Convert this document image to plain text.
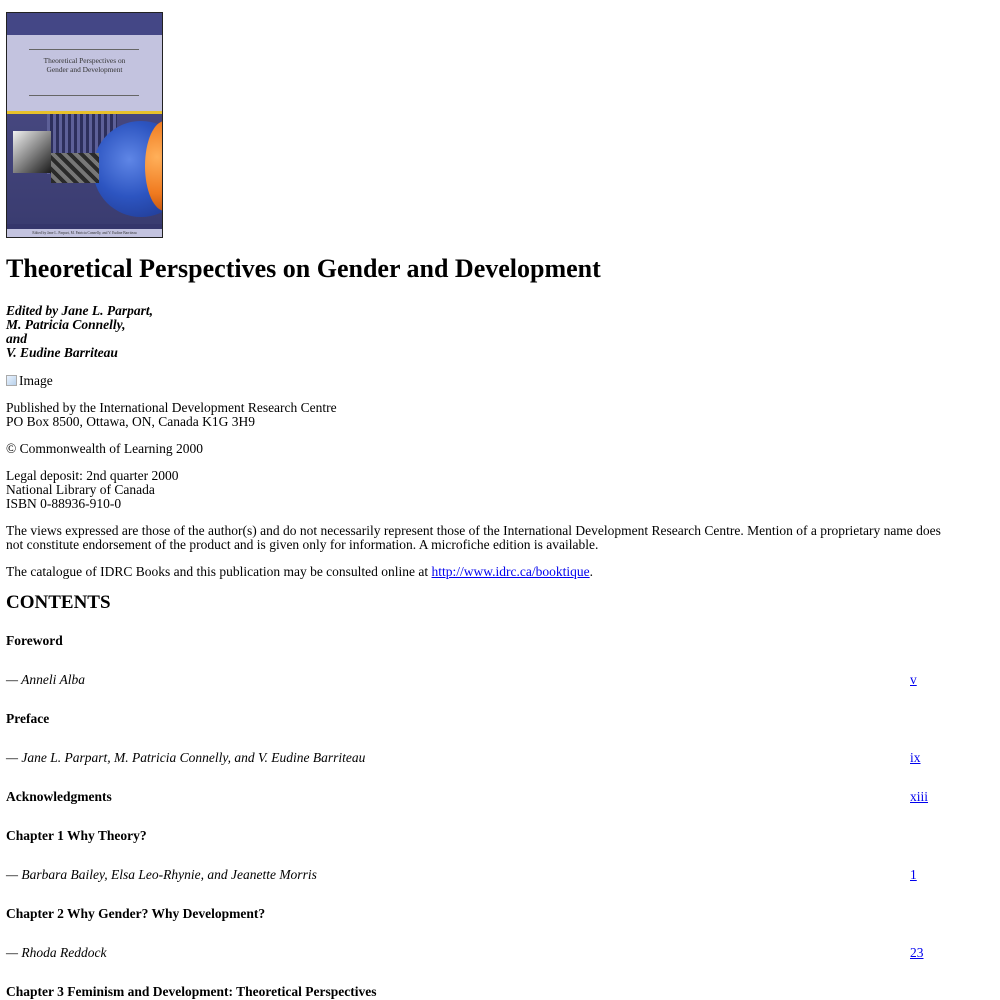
Theoretical Perspectives on
Gender and Development
Edited by Jane L. Parpart, M. Patricia Connelly, and V. Eudine Barriteau
Theoretical Perspectives on Gender and Development
Edited by Jane L. Parpart,
M. Patricia Connelly,
and
V. Eudine Barriteau
Image

Published by the International Development Research Centre
PO Box 8500, Ottawa, ON, Canada K1G 3H9

© Commonwealth of Learning 2000

Legal deposit: 2nd quarter 2000
National Library of Canada
ISBN 0-88936-910-0

The views expressed are those of the author(s) and do not necessarily represent those of the International Development Research Centre. Mention of a proprietary name does not constitute endorsement of the product and is given only for information. A microfiche edition is available.

The catalogue of IDRC Books and this publication may be consulted online at http://www.idrc.ca/booktique.

CONTENTS
Foreword
— Anneli Alba	v
Preface
— Jane L. Parpart, M. Patricia Connelly, and V. Eudine Barriteau	ix
Acknowledgments	xiii
Chapter 1 Why Theory?
— Barbara Bailey, Elsa Leo-Rhynie, and Jeanette Morris	1
Chapter 2 Why Gender? Why Development?
— Rhoda Reddock	23
Chapter 3 Feminism and Development: Theoretical Perspectives
